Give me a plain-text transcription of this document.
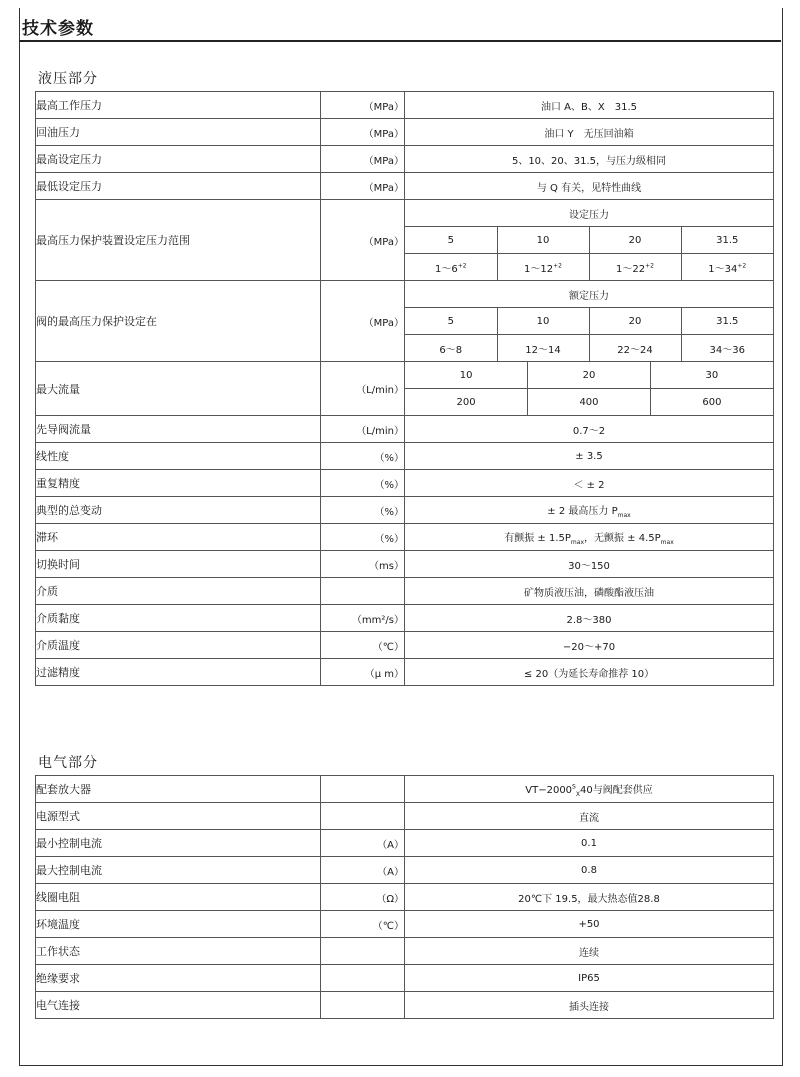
技术参数
液压部分
最高工作压力	（MPa）	油口 A、B、X　31.5
回油压力	（MPa）	油口 Y　无压回油箱
最高设定压力	（MPa）	5、10、20、31.5，与压力级相同
最低设定压力	（MPa）	与 Q 有关，见特性曲线
最高压力保护装置设定压力范围	（MPa）	
设定压力
5	10	20	31.5
$1\sim 6^{+2}$	$1\sim 12^{+2}$	$1\sim 22^{+2}$	$1\sim 34^{+2}$

阀的最高压力保护设定在	（MPa）	
额定压力
5	10	20	31.5
6～8	12～14	22～24	34～36

最大流量	（L/min）	
10	20	30
200	400	600

先导阀流量	（L/min）	0.7～2
线性度	（%）	± 3.5
重复精度	（%）	＜ ± 2
典型的总变动	（%）	± 2 最高压力 $P_{max}$
滞环	（%）	有颤振 ± $1.5P_{max}$，无颤振 ± $4.5P_{max}$
切换时间	（ms）	30～150
介质		矿物质液压油，磷酸酯液压油
介质黏度	（mm²/s）	2.8～380
介质温度	（℃）	−20～+70
过滤精度	（μ m）	≤ 20（为延长寿命推荐 10）
电气部分
配套放大器		$VT-2000^S_X40$与阀配套供应
电源型式		直流
最小控制电流	（A）	0.1
最大控制电流	（A）	0.8
线圈电阻	（Ω）	20℃下 19.5，最大热态值28.8
环境温度	（℃）	+50
工作状态		连续
绝缘要求		IP65
电气连接		插头连接
